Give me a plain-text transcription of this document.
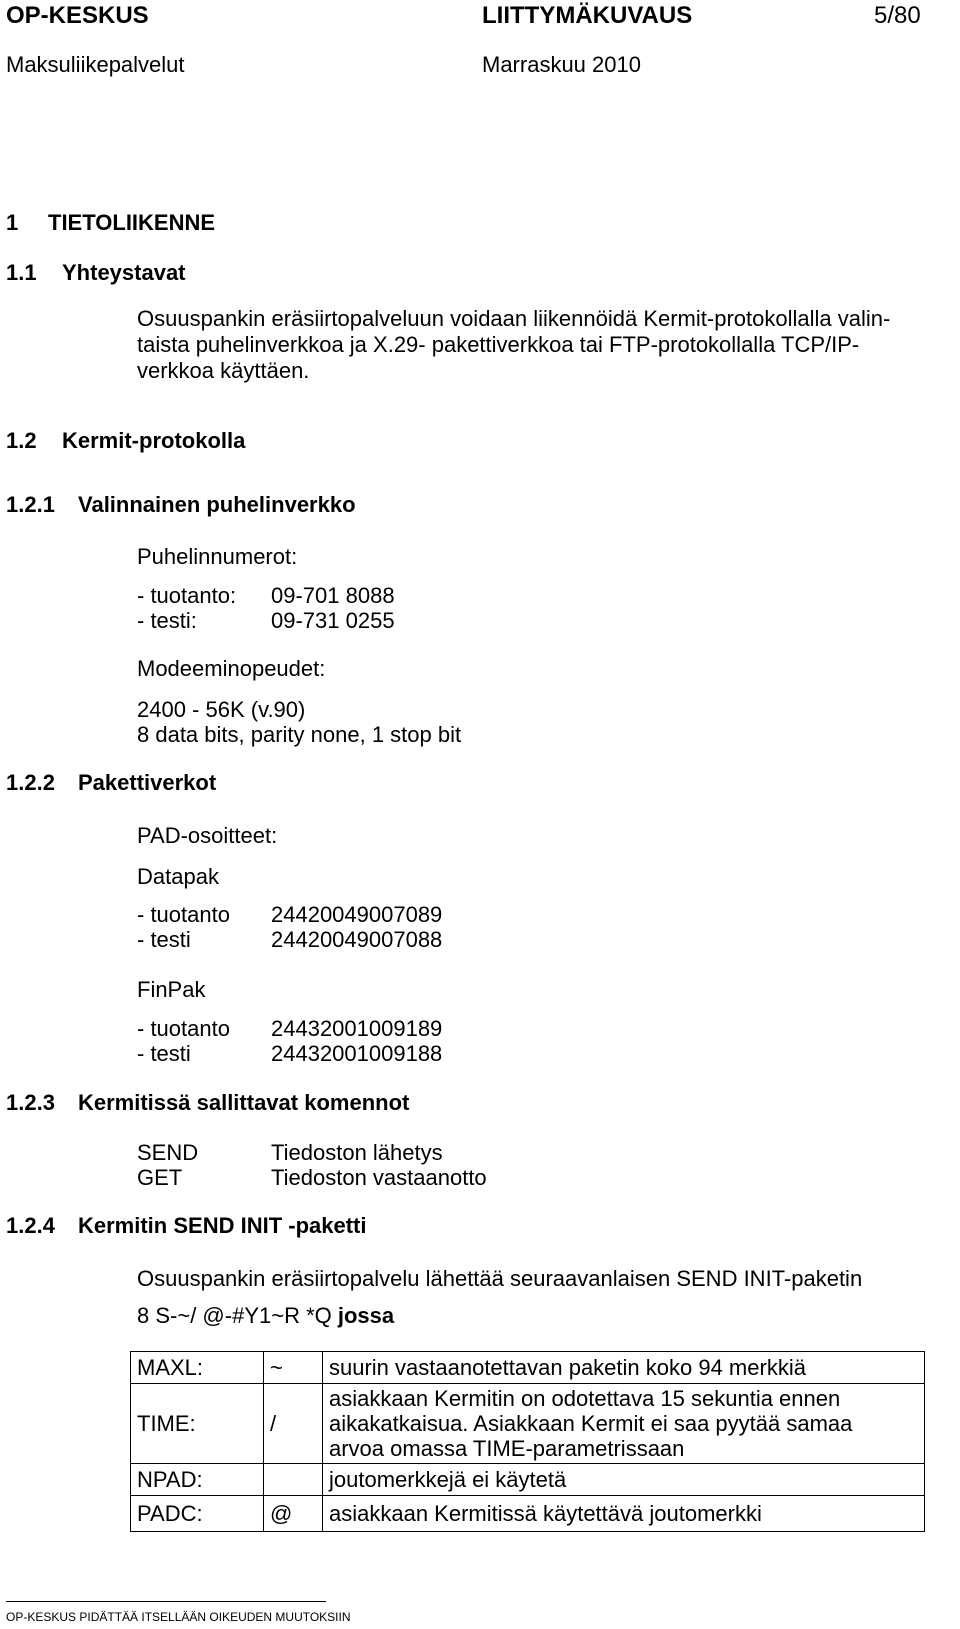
OP-KESKUS	LIITTYMÄKUVAUS	5/80
Maksuliikepalvelut	Marraskuu 2010
1 TIETOLIIKENNE
1.1 Yhteystavat
Osuuspankin eräsiirtopalveluun voidaan liikennöidä Kermit-protokollalla valin-
taista puhelinverkkoa ja X.29- pakettiverkkoa tai FTP-protokollalla TCP/IP-
verkkoa käyttäen.
1.2 Kermit-protokolla
1.2.1 Valinnainen puhelinverkko
Puhelinnumerot:
- tuotanto: 09-701 8088
- testi:	09-731 0255
Modeeminopeudet:
2400 - 56K (v.90)
8 data bits, parity none, 1 stop bit
1.2.2 Pakettiverkot
PAD-osoitteet:
Datapak
- tuotanto 24420049007089
- testi	24420049007088
FinPak
- tuotanto 24432001009189
- testi	24432001009188
1.2.3 Kermitissä sallittavat komennot
SEND	Tiedoston lähetys
GET	Tiedoston vastaanotto
1.2.4 Kermitin SEND INIT -paketti
Osuuspankin eräsiirtopalvelu lähettää seuraavanlaisen SEND INIT-paketin
8 S-~/ @-#Y1~R *Q jossa
MAXL:	~	suurin vastaanotettavan paketin koko 94 merkkiä

TIME:	/	asiakkaan Kermitin on odotettava 15 sekuntia ennen
aikakatkaisua. Asiakkaan Kermit ei saa pyytää samaa
arvoa omassa TIME-parametrissaan

NPAD:		joutomerkkejä ei käytetä

PADC:	@	asiakkaan Kermitissä käytettävä joutomerkki
OP-KESKUS PIDÄTTÄÄ ITSELLÄÄN OIKEUDEN MUUTOKSIIN
